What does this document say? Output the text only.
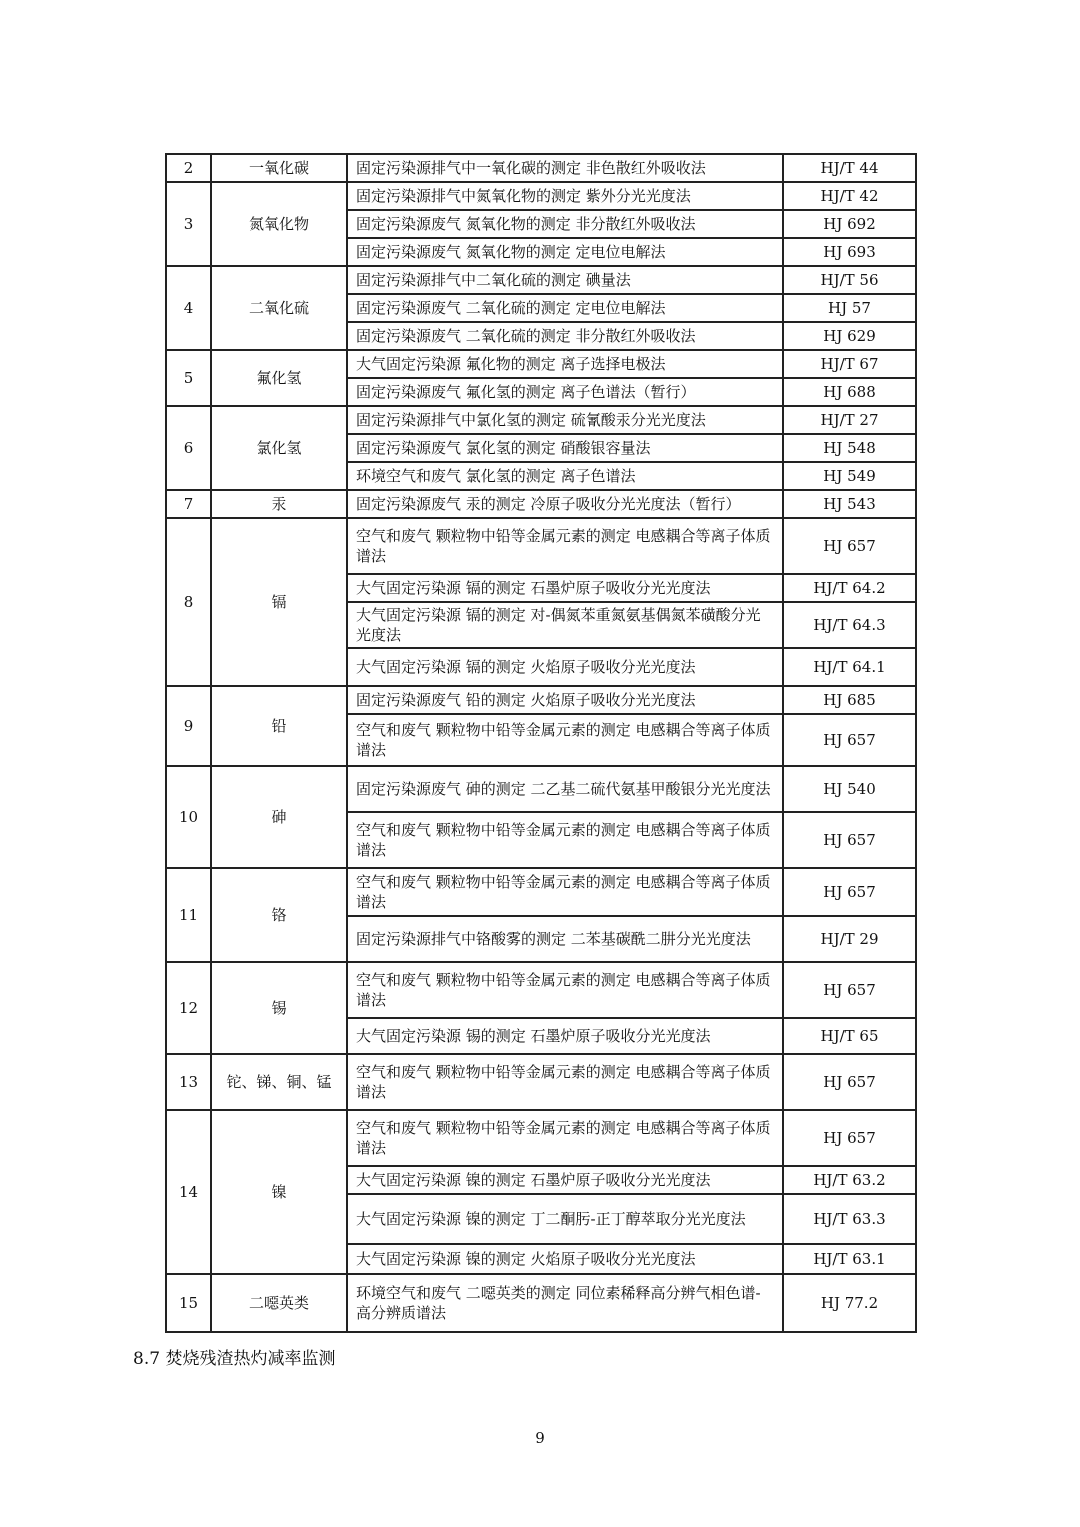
2	一氧化碳	固定污染源排气中一氧化碳的测定 非色散红外吸收法	HJ/T 44
3	氮氧化物	固定污染源排气中氮氧化物的测定 紫外分光光度法	HJ/T 42
		固定污染源废气 氮氧化物的测定 非分散红外吸收法	HJ 692
		固定污染源废气 氮氧化物的测定 定电位电解法	HJ 693
4	二氧化硫	固定污染源排气中二氧化硫的测定 碘量法	HJ/T 56
		固定污染源废气 二氧化硫的测定 定电位电解法	HJ 57
		固定污染源废气 二氧化硫的测定 非分散红外吸收法	HJ 629
5	氟化氢	大气固定污染源 氟化物的测定 离子选择电极法	HJ/T 67
		固定污染源废气 氟化氢的测定 离子色谱法（暂行）	HJ 688
6	氯化氢	固定污染源排气中氯化氢的测定 硫氰酸汞分光光度法	HJ/T 27
		固定污染源废气 氯化氢的测定 硝酸银容量法	HJ 548
		环境空气和废气 氯化氢的测定 离子色谱法	HJ 549
7	汞	固定污染源废气 汞的测定 冷原子吸收分光光度法（暂行）	HJ 543
8	镉	空气和废气 颗粒物中铅等金属元素的测定 电感耦合等离子体质谱法	HJ 657
		大气固定污染源 镉的测定 石墨炉原子吸收分光光度法	HJ/T 64.2
		大气固定污染源 镉的测定 对-偶氮苯重氮氨基偶氮苯磺酸分光光度法	HJ/T 64.3
		大气固定污染源 镉的测定 火焰原子吸收分光光度法	HJ/T 64.1
9	铅	固定污染源废气 铅的测定 火焰原子吸收分光光度法	HJ 685
		空气和废气 颗粒物中铅等金属元素的测定 电感耦合等离子体质谱法	HJ 657
10	砷	固定污染源废气 砷的测定 二乙基二硫代氨基甲酸银分光光度法	HJ 540
		空气和废气 颗粒物中铅等金属元素的测定 电感耦合等离子体质谱法	HJ 657
11	铬	空气和废气 颗粒物中铅等金属元素的测定 电感耦合等离子体质谱法	HJ 657
		固定污染源排气中铬酸雾的测定 二苯基碳酰二肼分光光度法	HJ/T 29
12	锡	空气和废气 颗粒物中铅等金属元素的测定 电感耦合等离子体质谱法	HJ 657
		大气固定污染源 锡的测定 石墨炉原子吸收分光光度法	HJ/T 65
13	铊、锑、铜、锰	空气和废气 颗粒物中铅等金属元素的测定 电感耦合等离子体质谱法	HJ 657
14	镍	空气和废气 颗粒物中铅等金属元素的测定 电感耦合等离子体质谱法	HJ 657
		大气固定污染源 镍的测定 石墨炉原子吸收分光光度法	HJ/T 63.2
		大气固定污染源 镍的测定 丁二酮肟-正丁醇萃取分光光度法	HJ/T 63.3
		大气固定污染源 镍的测定 火焰原子吸收分光光度法	HJ/T 63.1
15	二噁英类	环境空气和废气 二噁英类的测定 同位素稀释高分辨气相色谱-高分辨质谱法	HJ 77.2
8.7 焚烧残渣热灼减率监测
9
